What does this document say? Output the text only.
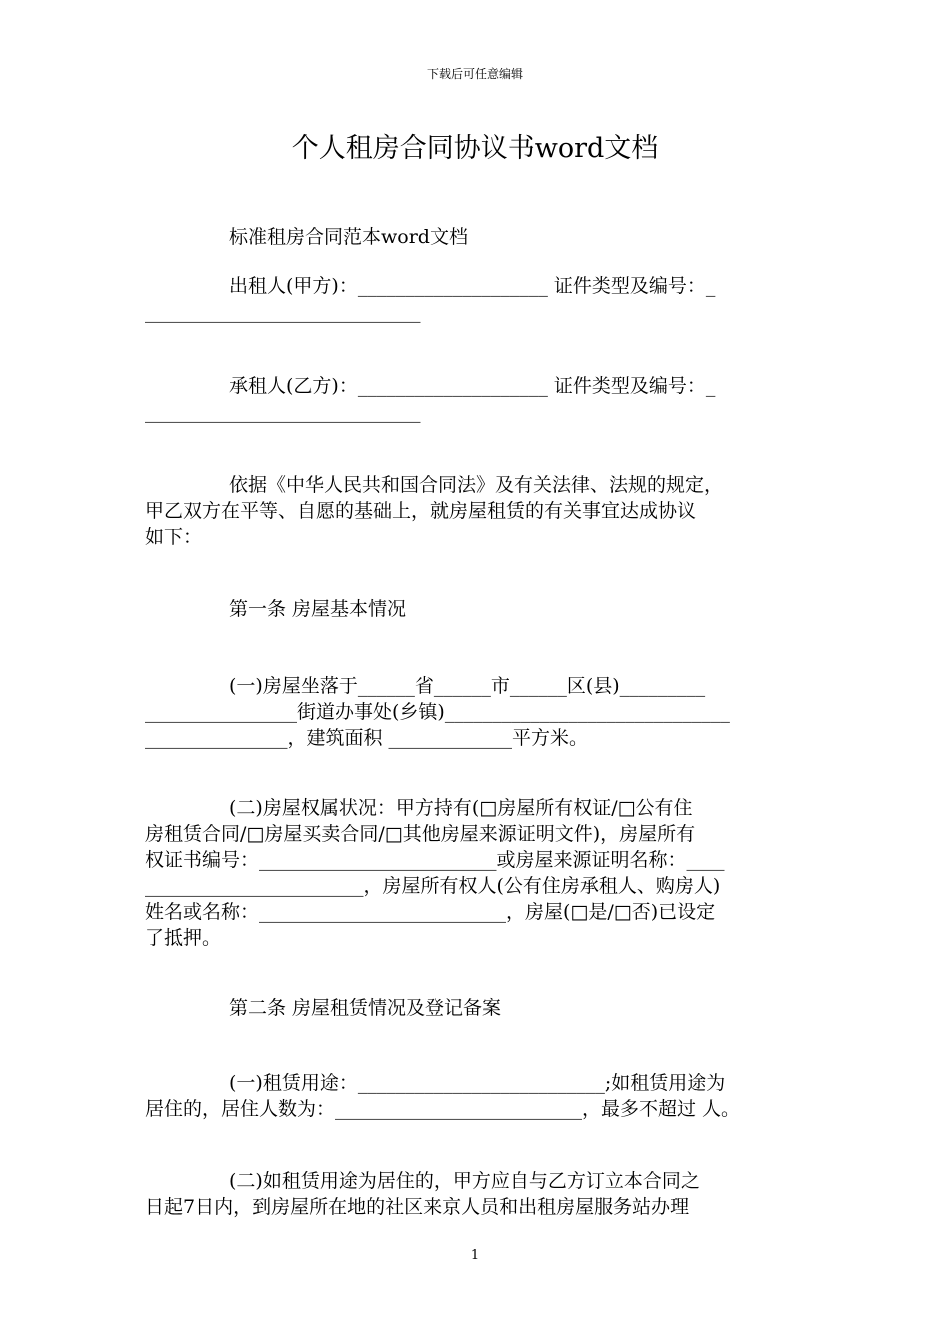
下载后可任意编辑
个人租房合同协议书word文档
标准租房合同范本word文档
出租人(甲方)：____________________ 证件类型及编号：_
_____________________________
承租人(乙方)：____________________ 证件类型及编号：_
_____________________________
依据《中华人民共和国合同法》及有关法律、法规的规定，
甲乙双方在平等、自愿的基础上，就房屋租赁的有关事宜达成协议
如下：
第一条 房屋基本情况
(一)房屋坐落于______省______市______区(县)_________
________________街道办事处(乡镇)______________________________
_______________，建筑面积 _____________平方米。
(二)房屋权属状况：甲方持有(□房屋所有权证/□公有住
房租赁合同/□房屋买卖合同/□其他房屋来源证明文件)，房屋所有
权证书编号：_________________________或房屋来源证明名称：____
_______________________，房屋所有权人(公有住房承租人、购房人)
姓名或名称：__________________________，房屋(□是/□否)已设定
了抵押。
第二条 房屋租赁情况及登记备案
(一)租赁用途：__________________________;如租赁用途为
居住的，居住人数为：__________________________，最多不超过 人。
(二)如租赁用途为居住的，甲方应自与乙方订立本合同之
日起7日内，到房屋所在地的社区来京人员和出租房屋服务站办理
1
